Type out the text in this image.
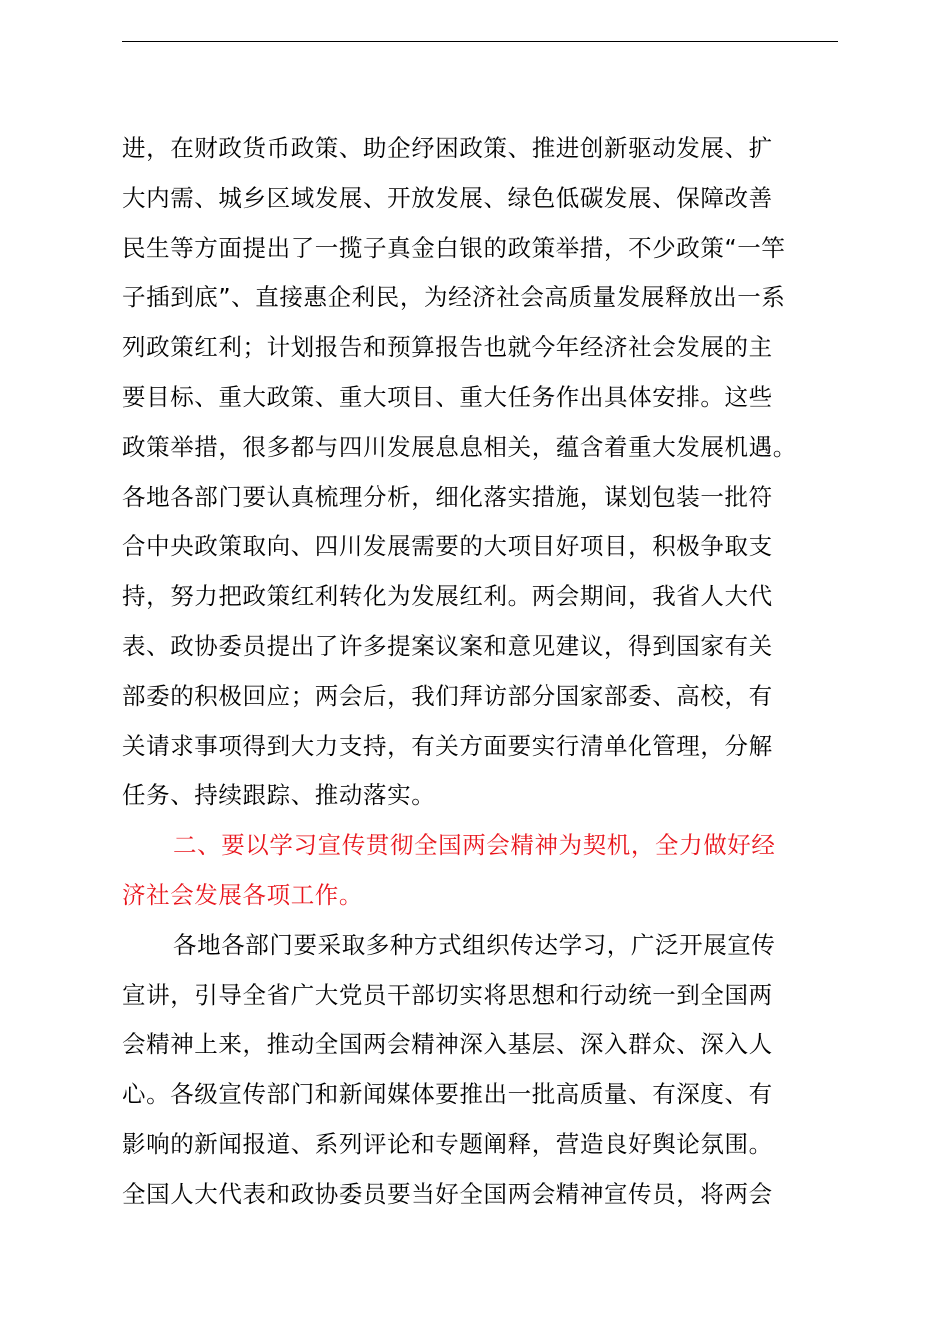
进，在财政货币政策、助企纾困政策、推进创新驱动发展、扩
大内需、城乡区域发展、开放发展、绿色低碳发展、保障改善
民生等方面提出了一揽子真金白银的政策举措，不少政策“一竿
子插到底”、直接惠企利民，为经济社会高质量发展释放出一系
列政策红利；计划报告和预算报告也就今年经济社会发展的主
要目标、重大政策、重大项目、重大任务作出具体安排。这些
政策举措，很多都与四川发展息息相关，蕴含着重大发展机遇。
各地各部门要认真梳理分析，细化落实措施，谋划包装一批符
合中央政策取向、四川发展需要的大项目好项目，积极争取支
持，努力把政策红利转化为发展红利。两会期间，我省人大代
表、政协委员提出了许多提案议案和意见建议，得到国家有关
部委的积极回应；两会后，我们拜访部分国家部委、高校，有
关请求事项得到大力支持，有关方面要实行清单化管理，分解
任务、持续跟踪、推动落实。
二、要以学习宣传贯彻全国两会精神为契机，全力做好经
济社会发展各项工作。
各地各部门要采取多种方式组织传达学习，广泛开展宣传
宣讲，引导全省广大党员干部切实将思想和行动统一到全国两
会精神上来，推动全国两会精神深入基层、深入群众、深入人
心。各级宣传部门和新闻媒体要推出一批高质量、有深度、有
影响的新闻报道、系列评论和专题阐释，营造良好舆论氛围。
全国人大代表和政协委员要当好全国两会精神宣传员，将两会
